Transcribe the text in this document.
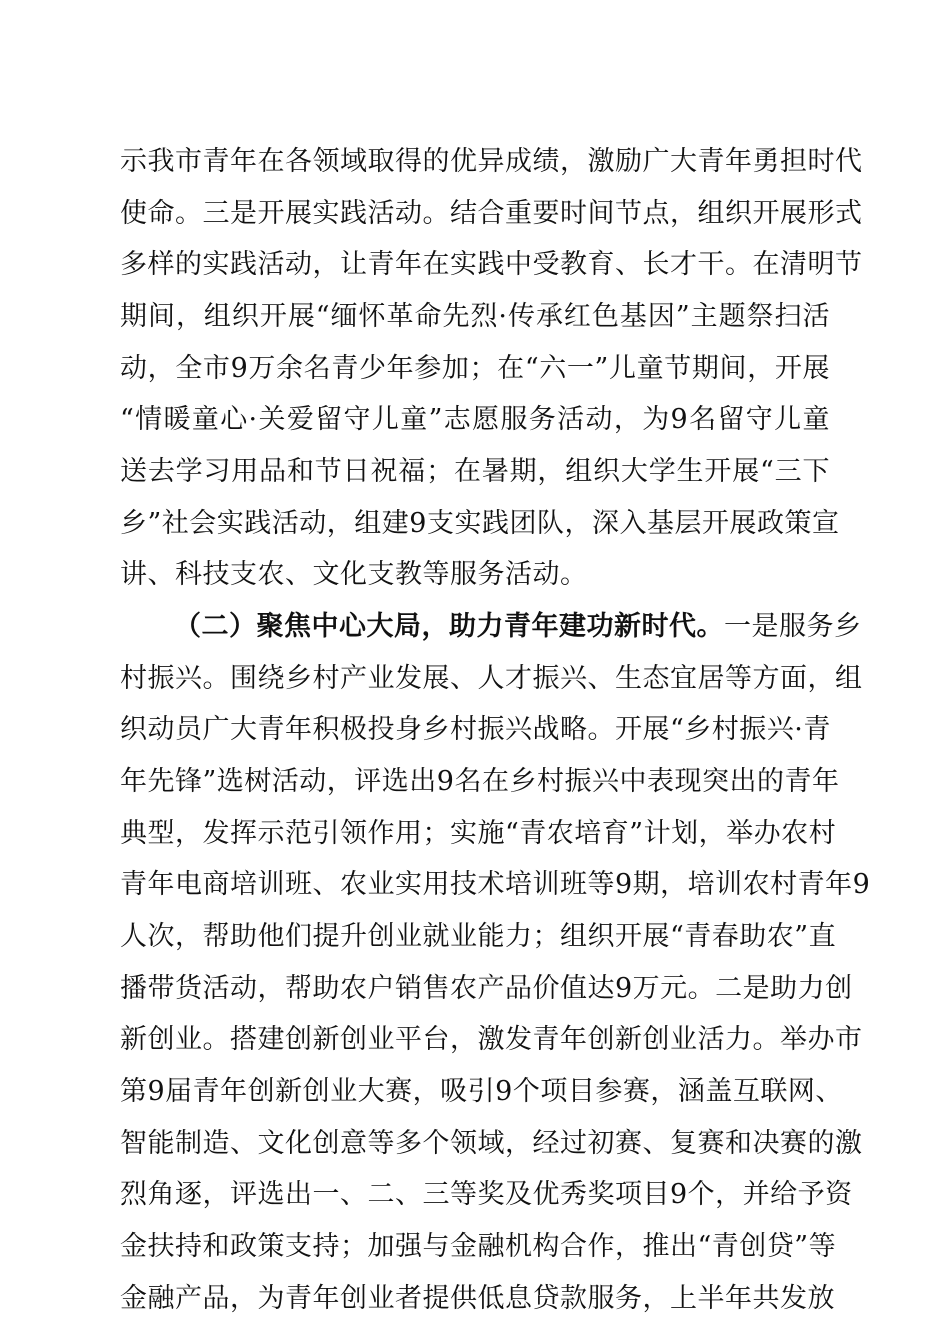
示我市青年在各领域取得的优异成绩，激励广大青年勇担时代
使命。三是开展实践活动。结合重要时间节点，组织开展形式
多样的实践活动，让青年在实践中受教育、长才干。在清明节
期间，组织开展“缅怀革命先烈·传承红色基因”主题祭扫活
动，全市9万余名青少年参加；在“六一”儿童节期间，开展
“情暖童心·关爱留守儿童”志愿服务活动，为9名留守儿童
送去学习用品和节日祝福；在暑期，组织大学生开展“三下
乡”社会实践活动，组建9支实践团队，深入基层开展政策宣
讲、科技支农、文化支教等服务活动。
（二）聚焦中心大局，助力青年建功新时代。一是服务乡
村振兴。围绕乡村产业发展、人才振兴、生态宜居等方面，组
织动员广大青年积极投身乡村振兴战略。开展“乡村振兴·青
年先锋”选树活动，评选出9名在乡村振兴中表现突出的青年
典型，发挥示范引领作用；实施“青农培育”计划，举办农村
青年电商培训班、农业实用技术培训班等9期，培训农村青年9
人次，帮助他们提升创业就业能力；组织开展“青春助农”直
播带货活动，帮助农户销售农产品价值达9万元。二是助力创
新创业。搭建创新创业平台，激发青年创新创业活力。举办市
第9届青年创新创业大赛，吸引9个项目参赛，涵盖互联网、
智能制造、文化创意等多个领域，经过初赛、复赛和决赛的激
烈角逐，评选出一、二、三等奖及优秀奖项目9个，并给予资
金扶持和政策支持；加强与金融机构合作，推出“青创贷”等
金融产品，为青年创业者提供低息贷款服务，上半年共发放
